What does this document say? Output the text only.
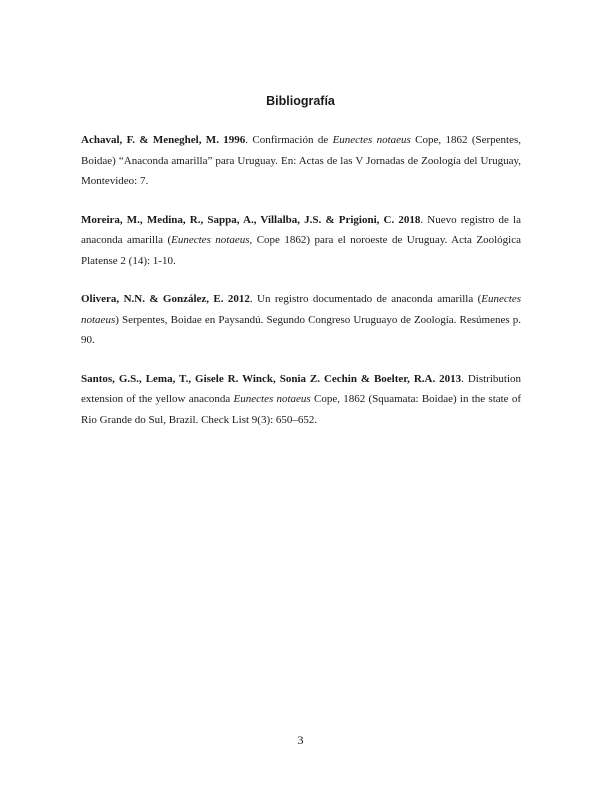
Bibliografía

Achaval, F. & Meneghel, M. 1996. Confirmación de Eunectes notaeus Cope, 1862 (Serpentes, Boidae) “Anaconda amarilla” para Uruguay. En: Actas de las V Jornadas de Zoología del Uruguay, Montevideo: 7.

Moreira, M., Medina, R., Sappa, A., Villalba, J.S. & Prigioni, C. 2018. Nuevo registro de la anaconda amarilla (Eunectes notaeus, Cope 1862) para el noroeste de Uruguay. Acta Zoológica Platense 2 (14): 1-10.

Olivera, N.N. & González, E. 2012. Un registro documentado de anaconda amarilla (Eunectes notaeus) Serpentes, Boidae en Paysandú. Segundo Congreso Uruguayo de Zoología. Resúmenes p. 90.

Santos, G.S., Lema, T., Gisele R. Winck, Sonia Z. Cechin & Boelter, R.A. 2013. Distribution extension of the yellow anaconda Eunectes notaeus Cope, 1862 (Squamata: Boidae) in the state of Rio Grande do Sul, Brazil. Check List 9(3): 650–652.

3
